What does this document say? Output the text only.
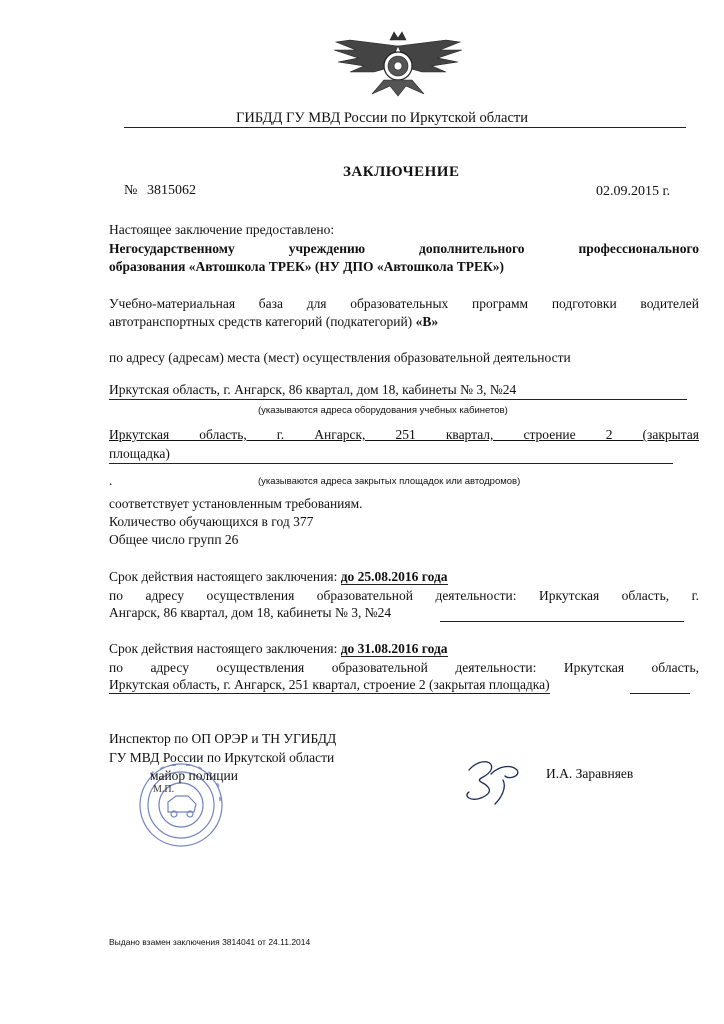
ГИБДД ГУ МВД России по Иркутской области
ЗАКЛЮЧЕНИЕ
№ 3815062	02.09.2015 г.
Настоящее заключение предоставлено:
Негосударственному учреждению дополнительного профессионального
образования «Автошкола ТРЕК» (НУ ДПО «Автошкола ТРЕК»)
Учебно-материальная база для образовательных программ подготовки водителей
автотранспортных средств категорий (подкатегорий) «В»
по адресу (адресам) места (мест) осуществления образовательной деятельности
Иркутская область, г. Ангарск, 86 квартал, дом 18, кабинеты № 3, №24
(указываются адреса оборудования учебных кабинетов)
Иркутская область, г. Ангарск, 251 квартал, строение 2 (закрытая
площадка)
.	(указываются адреса закрытых площадок или автодромов)
соответствует установленным требованиям.
Количество обучающихся в год 377
Общее число групп 26
Срок действия настоящего заключения: до 25.08.2016 года
по адресу осуществления образовательной деятельности: Иркутская область, г.
Ангарск, 86 квартал, дом 18, кабинеты № 3, №24
Срок действия настоящего заключения: до 31.08.2016 года
по адресу осуществления образовательной деятельности: Иркутская область,
Иркутская область, г. Ангарск, 251 квартал, строение 2 (закрытая площадка)
Инспектор по ОП ОРЭР и ТН УГИБДД
ГУ МВД России по Иркутской области
майор полиции
М.П.
И.А. Заравняев
Выдано взамен заключения 3814041 от 24.11.2014
